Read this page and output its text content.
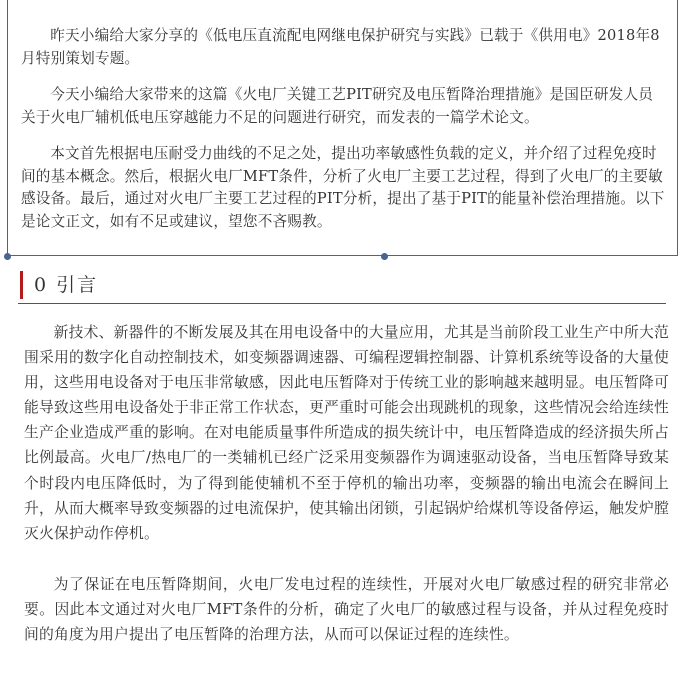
昨天小编给大家分享的《低电压直流配电网继电保护研究与实践》已载于《供用电》2018年8月特别策划专题。

今天小编给大家带来的这篇《火电厂关键工艺PIT研究及电压暂降治理措施》是国臣研发人员关于火电厂辅机低电压穿越能力不足的问题进行研究，而发表的一篇学术论文。

本文首先根据电压耐受力曲线的不足之处，提出功率敏感性负载的定义，并介绍了过程免疫时间的基本概念。然后，根据火电厂MFT条件，分析了火电厂主要工艺过程，得到了火电厂的主要敏感设备。最后，通过对火电厂主要工艺过程的PIT分析，提出了基于PIT的能量补偿治理措施。以下是论文正文，如有不足或建议，望您不吝赐教。

0 引言

新技术、新器件的不断发展及其在用电设备中的大量应用，尤其是当前阶段工业生产中所大范围采用的数字化自动控制技术，如变频器调速器、可编程逻辑控制器、计算机系统等设备的大量使用，这些用电设备对于电压非常敏感，因此电压暂降对于传统工业的影响越来越明显。电压暂降可能导致这些用电设备处于非正常工作状态，更严重时可能会出现跳机的现象，这些情况会给连续性生产企业造成严重的影响。在对电能质量事件所造成的损失统计中，电压暂降造成的经济损失所占比例最高。火电厂/热电厂的一类辅机已经广泛采用变频器作为调速驱动设备，当电压暂降导致某个时段内电压降低时，为了得到能使辅机不至于停机的输出功率，变频器的输出电流会在瞬间上升，从而大概率导致变频器的过电流保护，使其输出闭锁，引起锅炉给煤机等设备停运，触发炉膛灭火保护动作停机。

为了保证在电压暂降期间，火电厂发电过程的连续性，开展对火电厂敏感过程的研究非常必要。因此本文通过对火电厂MFT条件的分析，确定了火电厂的敏感过程与设备，并从过程免疫时间的角度为用户提出了电压暂降的治理方法，从而可以保证过程的连续性。
